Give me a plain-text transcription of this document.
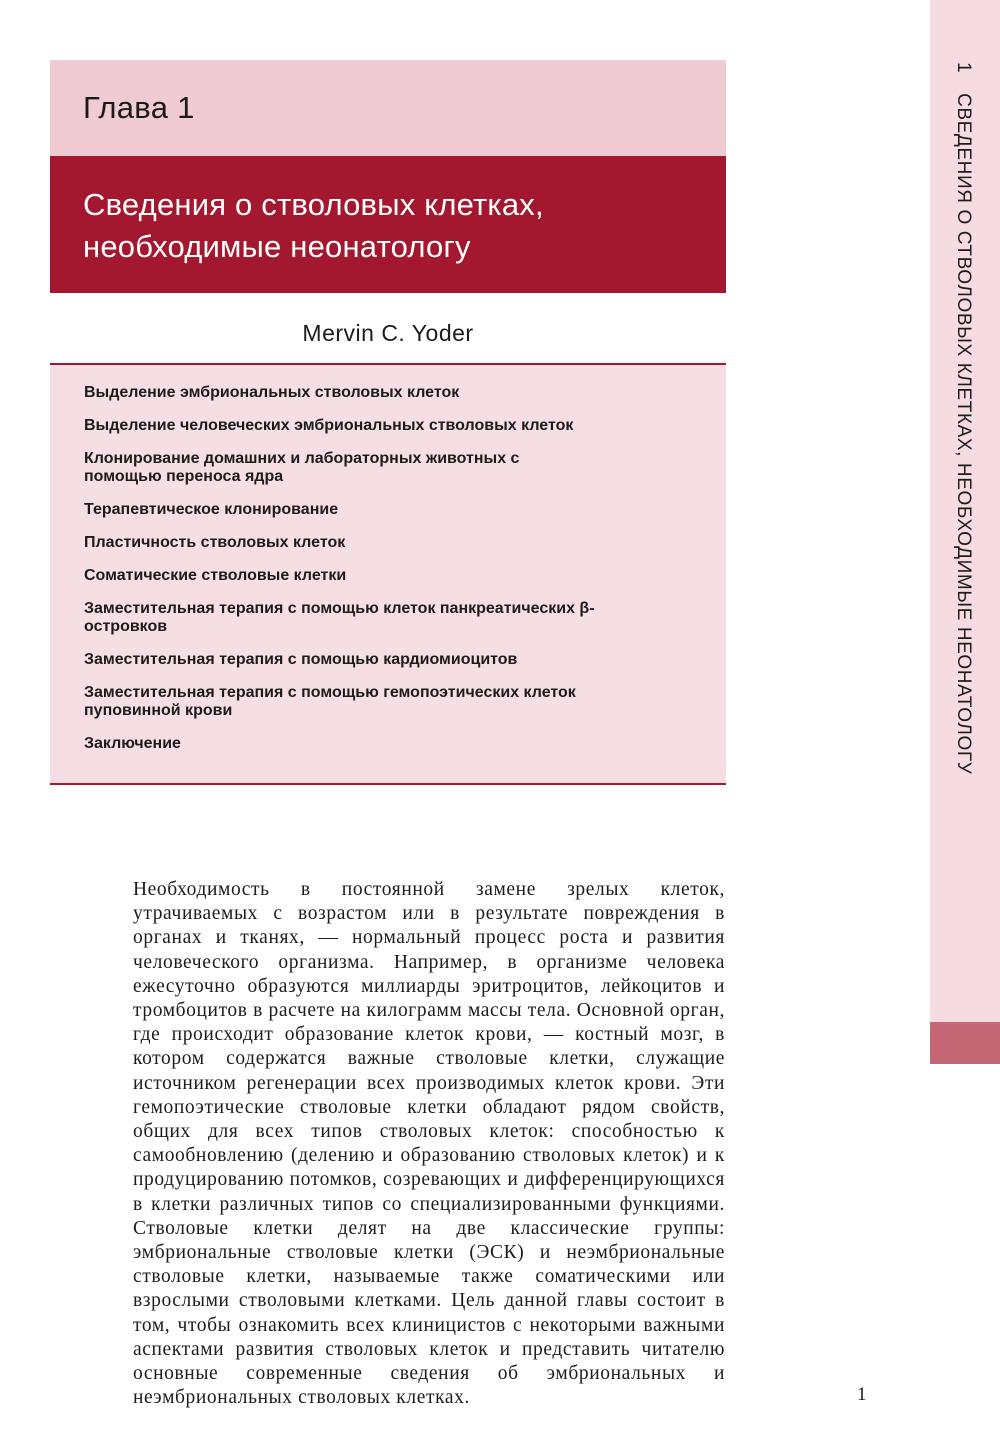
Глава 1
Сведения о стволовых клетках, необходимые неонатологу
Mervin C. Yoder
Выделение эмбриональных стволовых клеток
Выделение человеческих эмбриональных стволовых клеток
Клонирование домашних и лабораторных животных с помощью переноса ядра
Терапевтическое клонирование
Пластичность стволовых клеток
Соматические стволовые клетки
Заместительная терапия с помощью клеток панкреатических β-островков
Заместительная терапия с помощью кардиомиоцитов
Заместительная терапия с помощью гемопоэтических клеток пуповинной крови
Заключение

Необходимость в постоянной замене зрелых клеток, утрачиваемых с возрастом или в результате повреждения в органах и тканях, — нормальный процесс роста и развития человеческого организма. Например, в организме человека ежесуточно образуются миллиарды эритроцитов, лейкоцитов и тромбоцитов в расчете на килограмм массы тела. Основной орган, где происходит образование клеток крови, — костный мозг, в котором содержатся важные стволовые клетки, служащие источником регенерации всех производимых клеток крови. Эти гемопоэтические стволовые клетки обладают рядом свойств, общих для всех типов стволовых клеток: способностью к самообновлению (делению и образованию стволовых клеток) и к продуцированию потомков, созревающих и дифференцирующихся в клетки различных типов со специализированными функциями. Стволовые клетки делят на две классические группы: эмбриональные стволовые клетки (ЭСК) и неэмбриональные стволовые клетки, называемые также соматическими или взрослыми стволовыми клетками. Цель данной главы состоит в том, чтобы ознакомить всех клиницистов с некоторыми важными аспектами развития стволовых клеток и представить читателю основные современные сведения об эмбриональных и неэмбриональных стволовых клетках.

1 СВЕДЕНИЯ О СТВОЛОВЫХ КЛЕТКАХ, НЕОБХОДИМЫЕ НЕОНАТОЛОГУ
1
